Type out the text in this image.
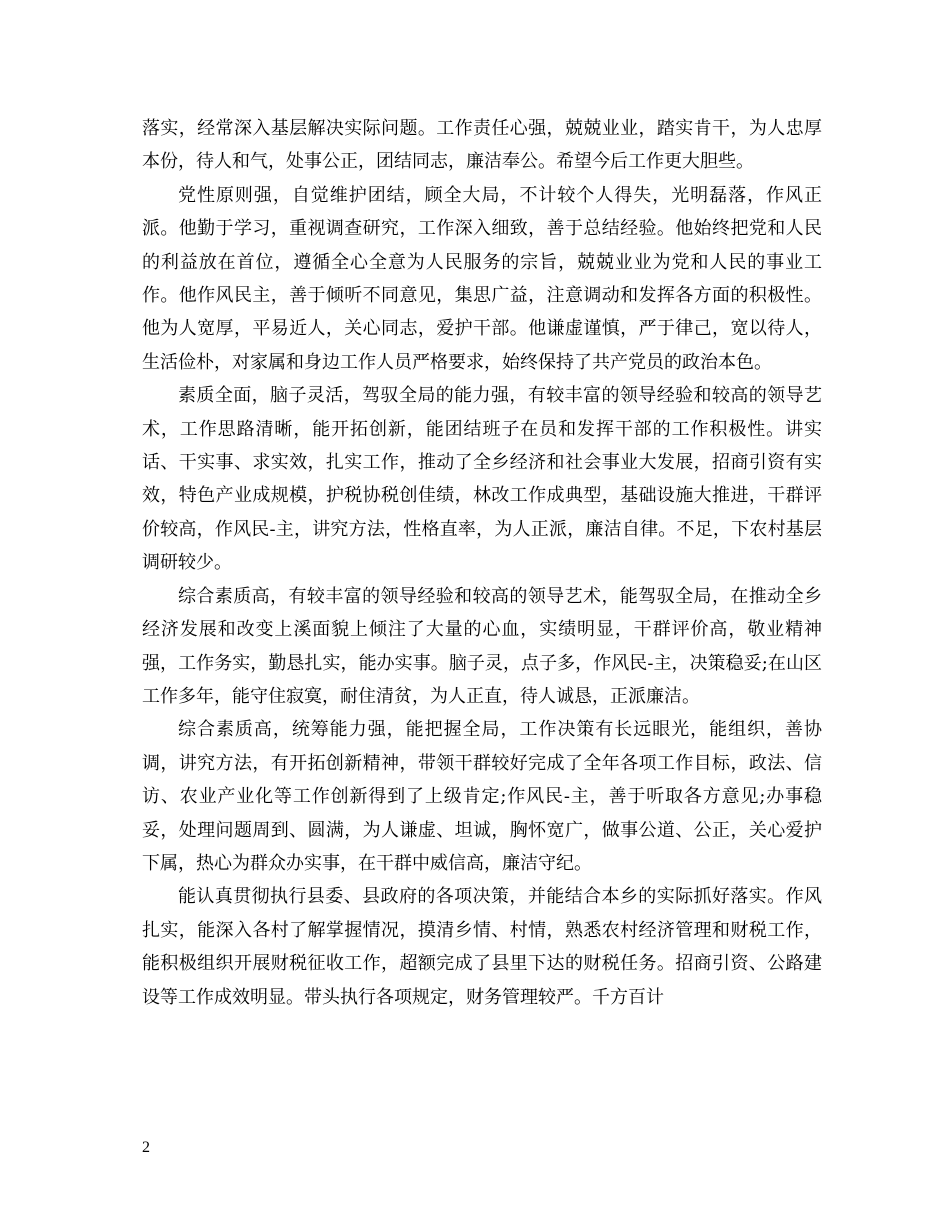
落实，经常深入基层解决实际问题。工作责任心强，兢兢业业，踏实肯干，为人忠厚本份，待人和气，处事公正，团结同志，廉洁奉公。希望今后工作更大胆些。

党性原则强，自觉维护团结，顾全大局，不计较个人得失，光明磊落，作风正派。他勤于学习，重视调查研究，工作深入细致，善于总结经验。他始终把党和人民的利益放在首位，遵循全心全意为人民服务的宗旨，兢兢业业为党和人民的事业工作。他作风民主，善于倾听不同意见，集思广益，注意调动和发挥各方面的积极性。他为人宽厚，平易近人，关心同志，爱护干部。他谦虚谨慎，严于律己，宽以待人，生活俭朴，对家属和身边工作人员严格要求，始终保持了共产党员的政治本色。

素质全面，脑子灵活，驾驭全局的能力强，有较丰富的领导经验和较高的领导艺术，工作思路清晰，能开拓创新，能团结班子在员和发挥干部的工作积极性。讲实话、干实事、求实效，扎实工作，推动了全乡经济和社会事业大发展，招商引资有实效，特色产业成规模，护税协税创佳绩，林改工作成典型，基础设施大推进，干群评价较高，作风民-主，讲究方法，性格直率，为人正派，廉洁自律。不足，下农村基层调研较少。

综合素质高，有较丰富的领导经验和较高的领导艺术，能驾驭全局，在推动全乡经济发展和改变上溪面貌上倾注了大量的心血，实绩明显，干群评价高，敬业精神强，工作务实，勤恳扎实，能办实事。脑子灵，点子多，作风民-主，决策稳妥;在山区工作多年，能守住寂寞，耐住清贫，为人正直，待人诚恳，正派廉洁。

综合素质高，统筹能力强，能把握全局，工作决策有长远眼光，能组织，善协调，讲究方法，有开拓创新精神，带领干群较好完成了全年各项工作目标，政法、信访、农业产业化等工作创新得到了上级肯定;作风民-主，善于听取各方意见;办事稳妥，处理问题周到、圆满，为人谦虚、坦诚，胸怀宽广，做事公道、公正，关心爱护下属，热心为群众办实事，在干群中威信高，廉洁守纪。

能认真贯彻执行县委、县政府的各项决策，并能结合本乡的实际抓好落实。作风扎实，能深入各村了解掌握情况，摸清乡情、村情，熟悉农村经济管理和财税工作，能积极组织开展财税征收工作，超额完成了县里下达的财税任务。招商引资、公路建设等工作成效明显。带头执行各项规定，财务管理较严。千方百计

2
